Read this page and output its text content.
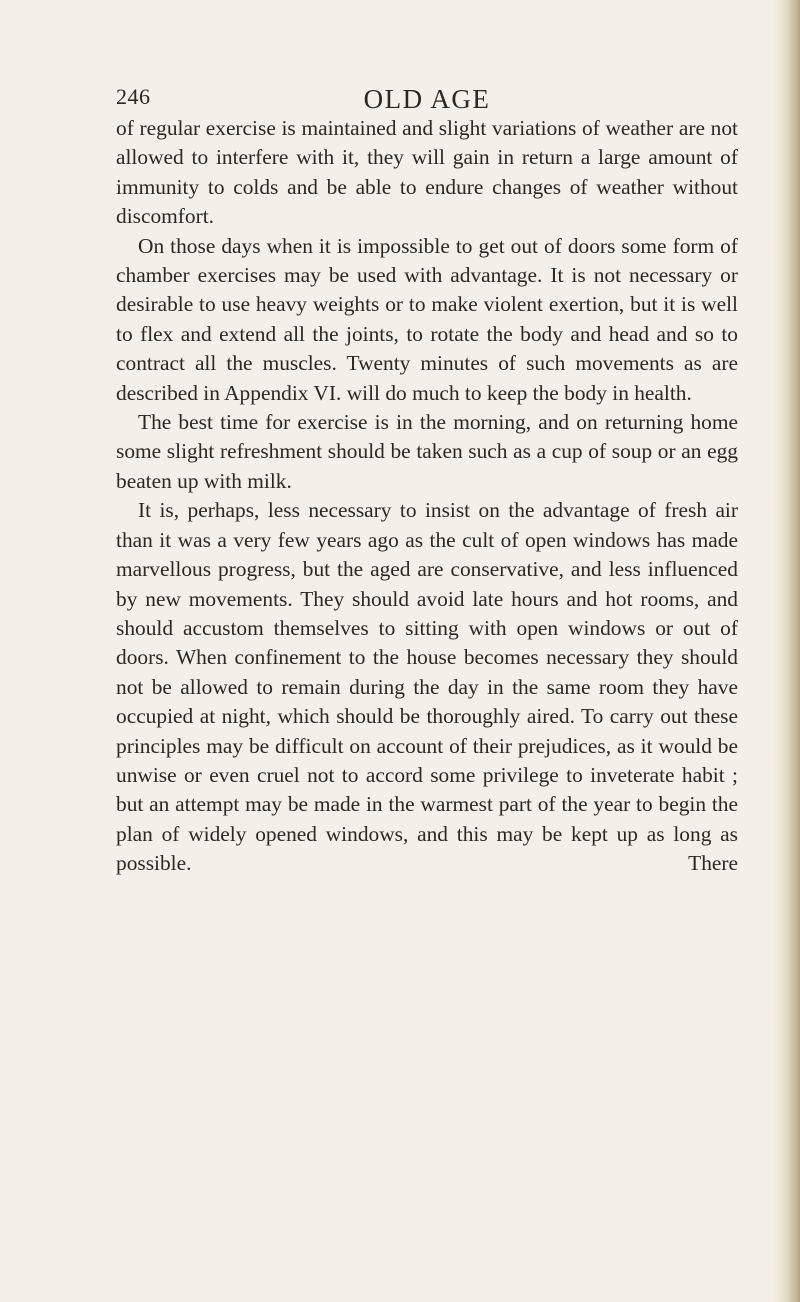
246	OLD AGE

of regular exercise is maintained and slight variations of weather are not allowed to interfere with it, they will gain in return a large amount of immunity to colds and be able to endure changes of weather without discomfort.

On those days when it is impossible to get out of doors some form of chamber exercises may be used with advantage. It is not necessary or desirable to use heavy weights or to make violent exertion, but it is well to flex and extend all the joints, to rotate the body and head and so to contract all the muscles. Twenty minutes of such movements as are described in Appendix VI. will do much to keep the body in health.

The best time for exercise is in the morning, and on returning home some slight refreshment should be taken such as a cup of soup or an egg beaten up with milk.

It is, perhaps, less necessary to insist on the advantage of fresh air than it was a very few years ago as the cult of open windows has made marvellous progress, but the aged are conservative, and less influenced by new movements. They should avoid late hours and hot rooms, and should accustom themselves to sitting with open windows or out of doors. When confinement to the house becomes necessary they should not be allowed to remain during the day in the same room they have occupied at night, which should be thoroughly aired. To carry out these principles may be difficult on account of their prejudices, as it would be unwise or even cruel not to accord some privilege to inveterate habit ; but an attempt may be made in the warmest part of the year to begin the plan of widely opened windows, and this may be kept up as long as possible. There
